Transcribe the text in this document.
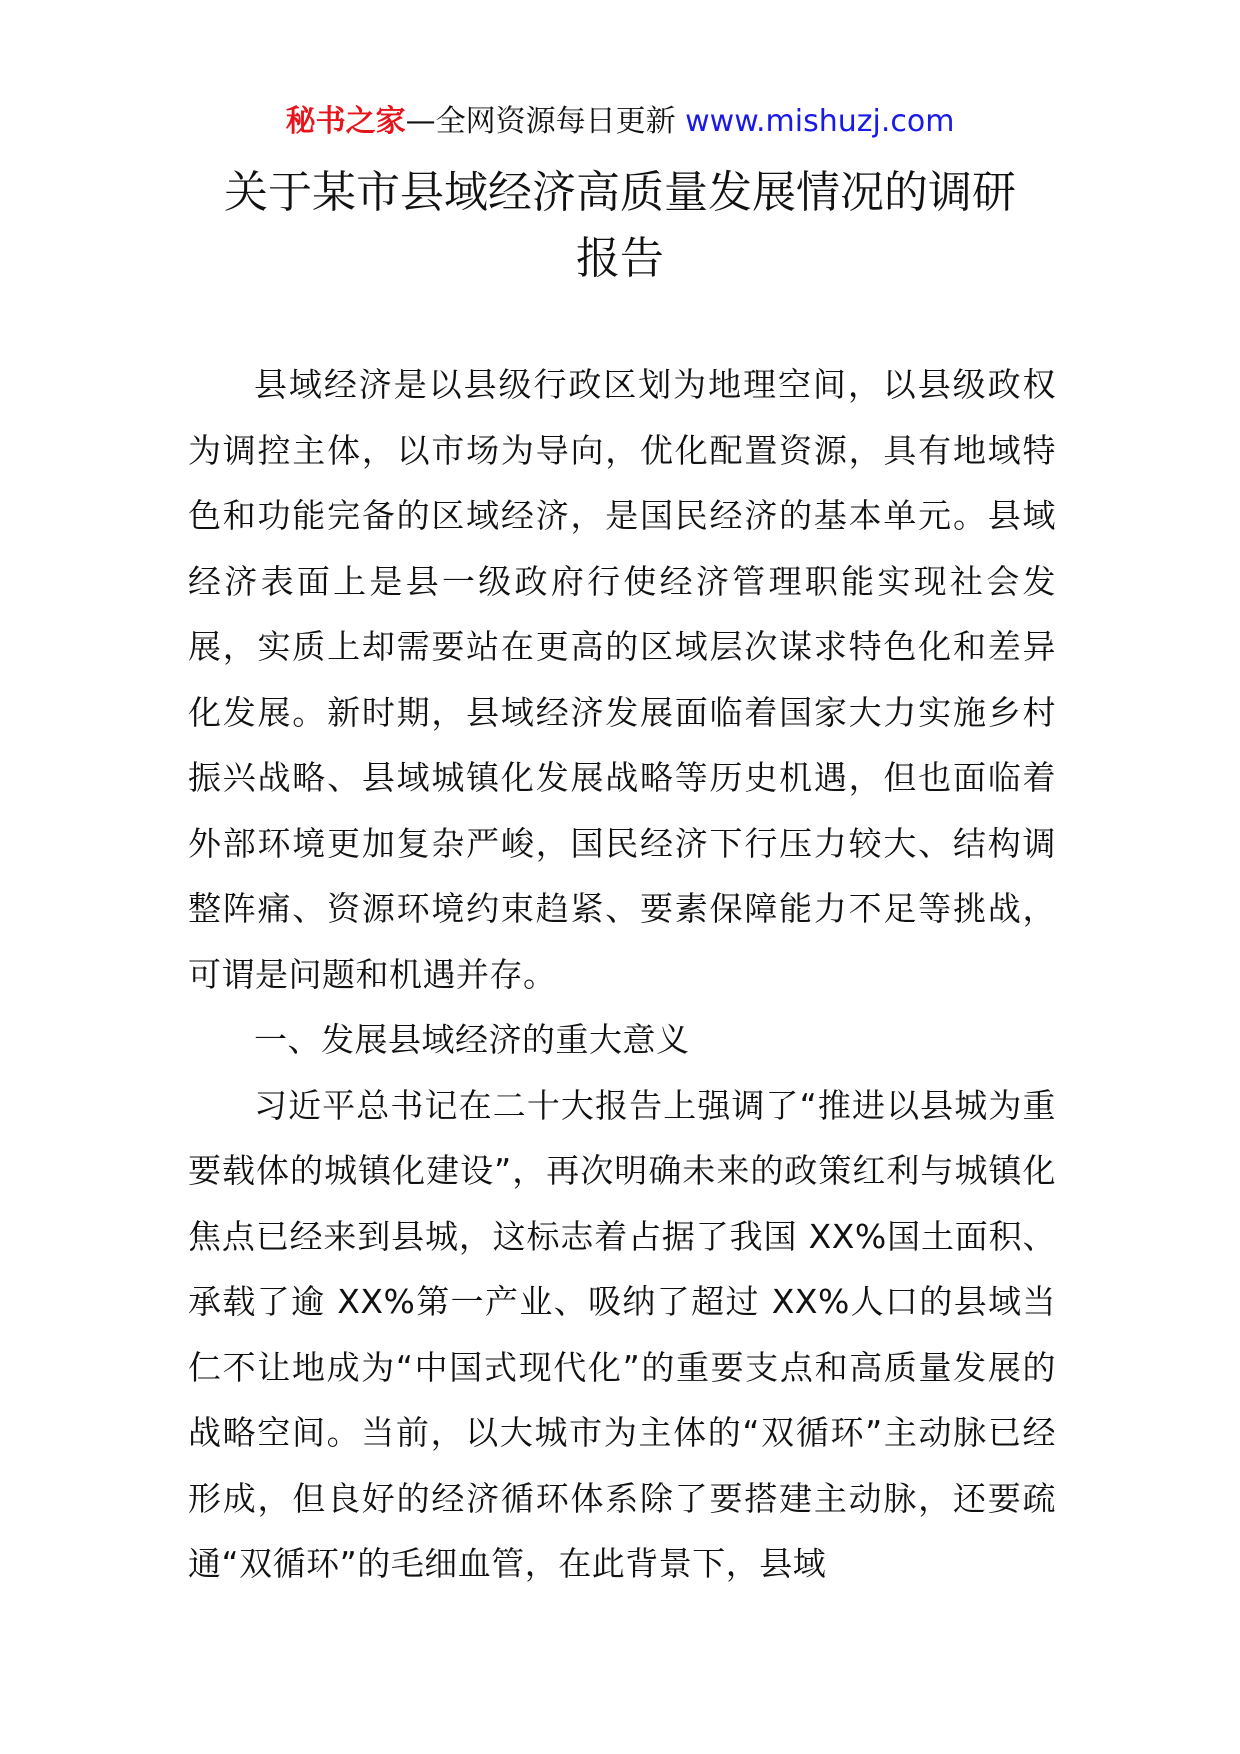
秘书之家—全网资源每日更新 www.mishuzj.com
关于某市县域经济高质量发展情况的调研
报告

县域经济是以县级行政区划为地理空间，以县级政权为调控主体，以市场为导向，优化配置资源，具有地域特色和功能完备的区域经济，是国民经济的基本单元。县域经济表面上是县一级政府行使经济管理职能实现社会发展，实质上却需要站在更高的区域层次谋求特色化和差异化发展。新时期，县域经济发展面临着国家大力实施乡村振兴战略、县域城镇化发展战略等历史机遇，但也面临着外部环境更加复杂严峻，国民经济下行压力较大、结构调整阵痛、资源环境约束趋紧、要素保障能力不足等挑战，可谓是问题和机遇并存。

一、发展县域经济的重大意义

习近平总书记在二十大报告上强调了“推进以县城为重要载体的城镇化建设”，再次明确未来的政策红利与城镇化焦点已经来到县城，这标志着占据了我国 XX%国土面积、承载了逾 XX%第一产业、吸纳了超过 XX%人口的县域当仁不让地成为“中国式现代化”的重要支点和高质量发展的战略空间。当前，以大城市为主体的“双循环”主动脉已经形成，但良好的经济循环体系除了要搭建主动脉，还要疏通“双循环”的毛细血管，在此背景下，县域
